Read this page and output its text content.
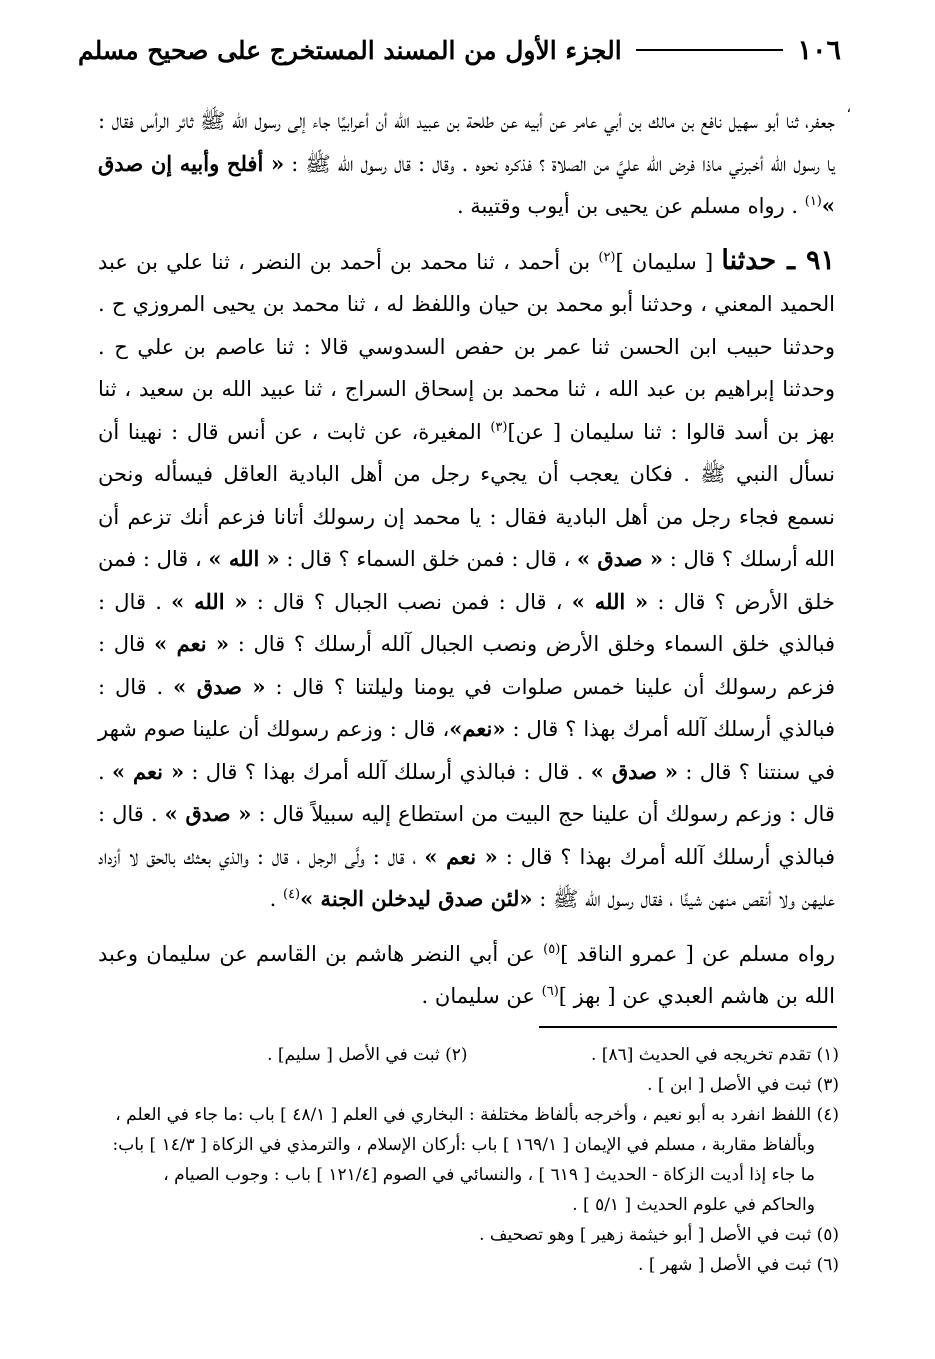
١٠٦
الجزء الأول من المسند المستخرج على صحيح مسلم
،

جعفر، ثنا أبو سهيل نافع بن مالك بن أبي عامر عن أبيه عن طلحة بن عبيد الله أن أعرابيًا جاء إلى رسول الله ﷺ ثائر الرأس فقال : يا رسول الله أخبرني ماذا فرض الله عليَّ من الصلاة ؟ فذكره نحوه . وقال : قال رسول الله ﷺ : « أفلح وأبيه إن صدق »$^{(١)}$ . رواه مسلم عن يحيى بن أيوب وقتيبة .

٩١ ـ حدثنا [ سليمان ]$^{(٢)}$ بن أحمد ، ثنا محمد بن أحمد بن النضر ، ثنا علي بن عبد الحميد المعني ، وحدثنا أبو محمد بن حيان واللفظ له ، ثنا محمد بن يحيى المروزي ح . وحدثنا حبيب ابن الحسن ثنا عمر بن حفص السدوسي قالا : ثنا عاصم بن علي ح . وحدثنا إبراهيم بن عبد الله ، ثنا محمد بن إسحاق السراج ، ثنا عبيد الله بن سعيد ، ثنا بهز بن أسد قالوا : ثنا سليمان [ عن]$^{(٣)}$ المغيرة، عن ثابت ، عن أنس قال : نهينا أن نسأل النبي ﷺ . فكان يعجب أن يجيء رجل من أهل البادية العاقل فيسأله ونحن نسمع فجاء رجل من أهل البادية فقال : يا محمد إن رسولك أتانا فزعم أنك تزعم أن الله أرسلك ؟ قال : « صدق » ، قال : فمن خلق السماء ؟ قال : « الله » ، قال : فمن خلق الأرض ؟ قال : « الله » ، قال : فمن نصب الجبال ؟ قال : « الله » . قال : فبالذي خلق السماء وخلق الأرض ونصب الجبال آلله أرسلك ؟ قال : « نعم » قال : فزعم رسولك أن علينا خمس صلوات في يومنا وليلتنا ؟ قال : « صدق » . قال : فبالذي أرسلك آلله أمرك بهذا ؟ قال : «نعم»، قال : وزعم رسولك أن علينا صوم شهر في سنتنا ؟ قال : « صدق » . قال : فبالذي أرسلك آلله أمرك بهذا ؟ قال : « نعم » . قال : وزعم رسولك أن علينا حج البيت من استطاع إليه سبيلاً قال : « صدق » . قال : فبالذي أرسلك آلله أمرك بهذا ؟ قال : « نعم » ، قال : ولَّى الرجل ، قال : والذي بعثك بالحق لا أزداد عليهن ولا أنقص منهن شيئًا ، فقال رسول الله ﷺ : «لئن صدق ليدخلن الجنة »$^{(٤)}$ .

رواه مسلم عن [ عمرو الناقد ]$^{(٥)}$ عن أبي النضر هاشم بن القاسم عن سليمان وعبد الله بن هاشم العبدي عن [ بهز ]$^{(٦)}$ عن سليمان .

(١) تقدم تخريجه في الحديث [٨٦] .
(٢) ثبت في الأصل [ سليم] .

(٣) ثبت في الأصل [ ابن ] .

(٤) اللفظ انفرد به أبو نعيم ، وأخرجه بألفاظ مختلفة : البخاري في العلم [ ٤٨/١ ] باب :ما جاء في العلم ،

وبألفاظ مقاربة ، مسلم في الإيمان [ ١٦٩/١ ] باب :أركان الإسلام ، والترمذي في الزكاة [ ١٤/٣ ] باب:

ما جاء إذا أديت الزكاة - الحديث [ ٦١٩ ] ، والنسائي في الصوم [١٢١/٤ ] باب : وجوب الصيام ،

والحاكم في علوم الحديث [ ٥/١ ] .

(٥) ثبت في الأصل [ أبو خيثمة زهير ] وهو تصحيف .

(٦) ثبت في الأصل [ شهر ] .
